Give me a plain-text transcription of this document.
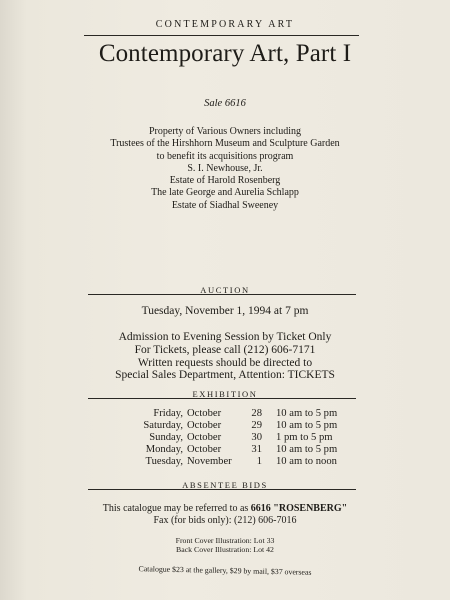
CONTEMPORARY ART
Contemporary Art, Part I
Sale 6616
Property of Various Owners including
Trustees of the Hirshhorn Museum and Sculpture Garden
to benefit its acquisitions program
S. I. Newhouse, Jr.
Estate of Harold Rosenberg
The late George and Aurelia Schlapp
Estate of Siadhal Sweeney
AUCTION
Tuesday, November 1, 1994 at 7 pm
Admission to Evening Session by Ticket Only
For Tickets, please call (212) 606-7171
Written requests should be directed to
Special Sales Department, Attention: TICKETS
EXHIBITION
Friday, October	28	10 am to 5 pm
Saturday, October	29	10 am to 5 pm
Sunday, October	30	1 pm to 5 pm
Monday, October	31	10 am to 5 pm
Tuesday, November	1	10 am to noon
ABSENTEE BIDS
This catalogue may be referred to as 6616 "ROSENBERG"
Fax (for bids only): (212) 606-7016
Front Cover Illustration: Lot 33
Back Cover Illustration: Lot 42
Catalogue $23 at the gallery, $29 by mail, $37 overseas
